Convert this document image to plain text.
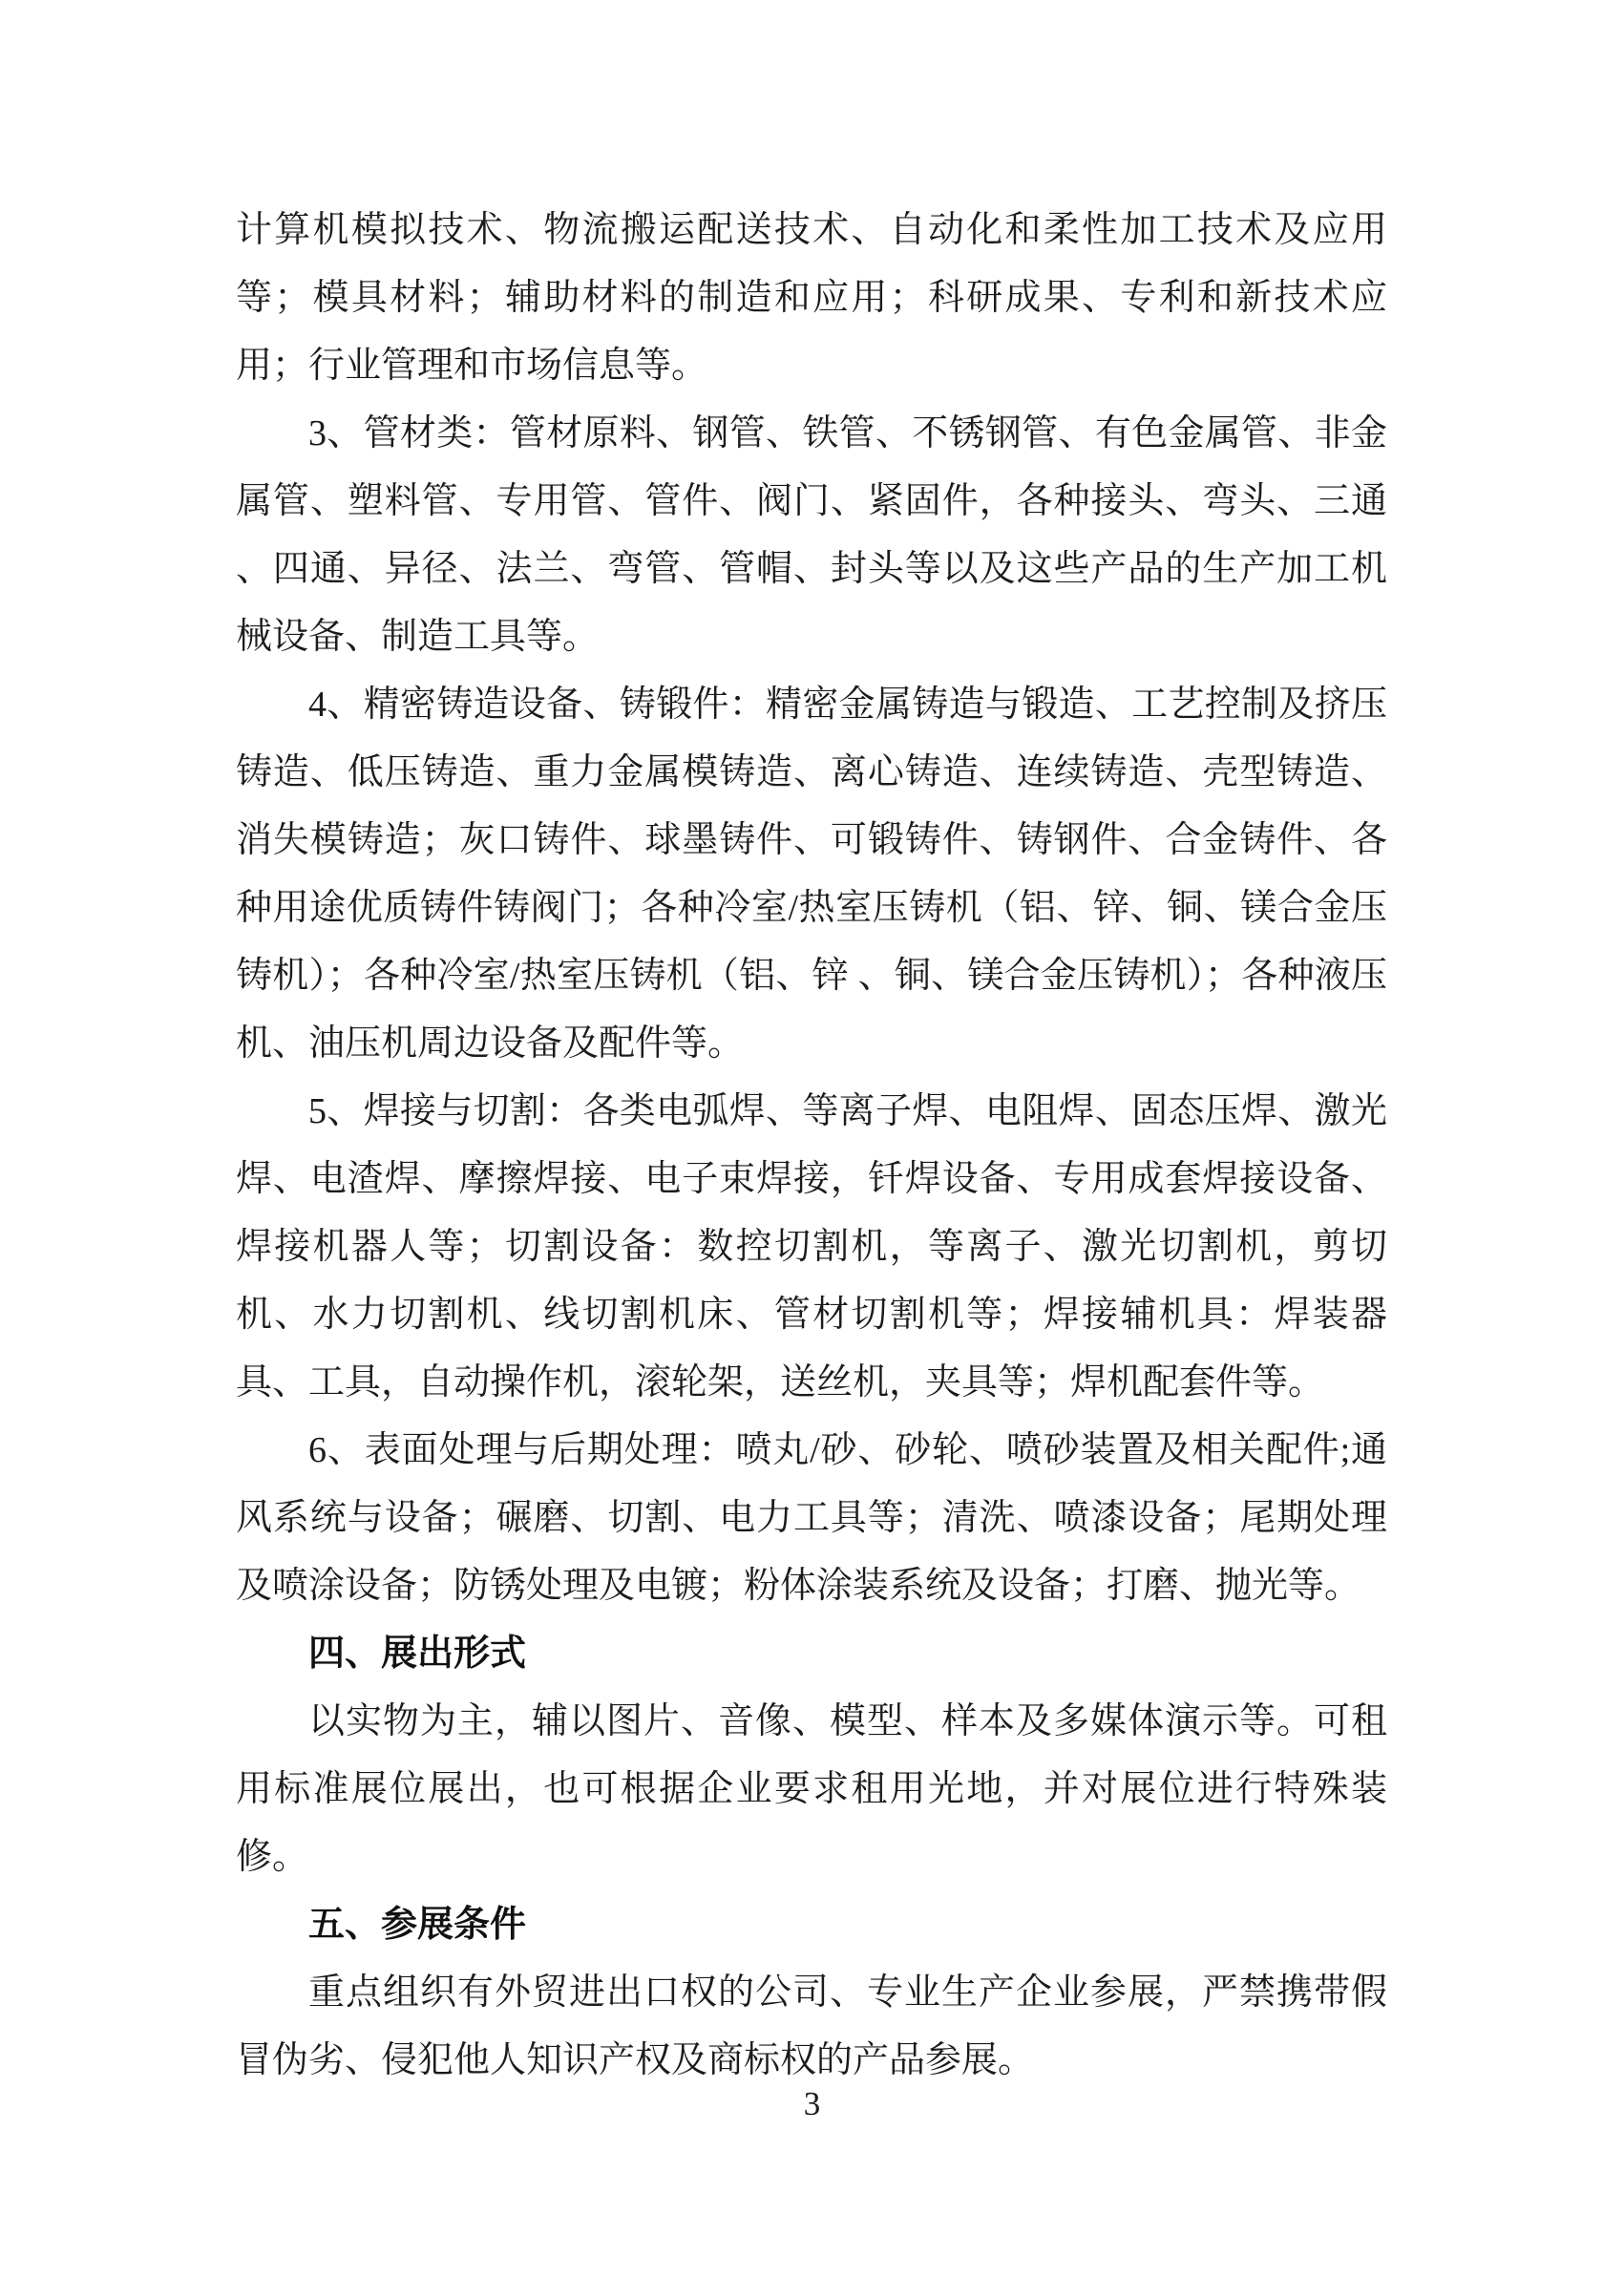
计算机模拟技术、物流搬运配送技术、自动化和柔性加工技术及应用等；模具材料；辅助材料的制造和应用；科研成果、专利和新技术应用；行业管理和市场信息等。

3、管材类：管材原料、钢管、铁管、不锈钢管、有色金属管、非金属管、塑料管、专用管、管件、阀门、紧固件，各种接头、弯头、三通 、四通、异径、法兰、弯管、管帽、封头等以及这些产品的生产加工机械设备、制造工具等。

4、精密铸造设备、铸锻件：精密金属铸造与锻造、工艺控制及挤压铸造、低压铸造、重力金属模铸造、离心铸造、连续铸造、壳型铸造、消失模铸造；灰口铸件、球墨铸件、可锻铸件、铸钢件、合金铸件、各种用途优质铸件铸阀门；各种冷室/热室压铸机（铝、锌、铜、镁合金压铸机）；各种冷室/热室压铸机（铝、锌 、铜、镁合金压铸机）；各种液压机、油压机周边设备及配件等。

5、焊接与切割：各类电弧焊、等离子焊、电阻焊、固态压焊、激光焊、电渣焊、摩擦焊接、电子束焊接，钎焊设备、专用成套焊接设备、焊接机器人等；切割设备：数控切割机，等离子、激光切割机，剪切机、水力切割机、线切割机床、管材切割机等；焊接辅机具：焊装器具、工具，自动操作机，滚轮架，送丝机，夹具等；焊机配套件等。

6、表面处理与后期处理：喷丸/砂、砂轮、喷砂装置及相关配件;通风系统与设备；碾磨、切割、电力工具等；清洗、喷漆设备；尾期处理及喷涂设备；防锈处理及电镀；粉体涂装系统及设备；打磨、抛光等。

四、展出形式

以实物为主，辅以图片、音像、模型、样本及多媒体演示等。可租用标准展位展出，也可根据企业要求租用光地，并对展位进行特殊装修。

五、参展条件

重点组织有外贸进出口权的公司、专业生产企业参展，严禁携带假冒伪劣、侵犯他人知识产权及商标权的产品参展。

3
